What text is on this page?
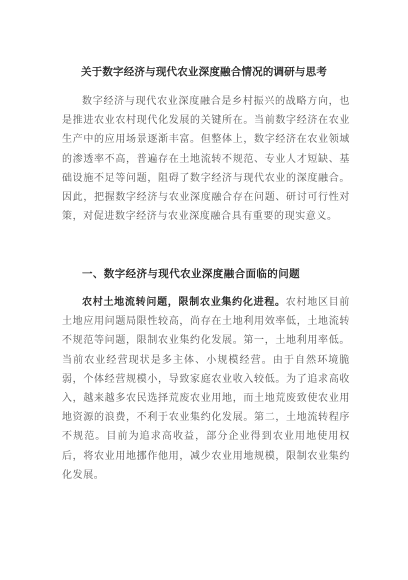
关于数字经济与现代农业深度融合情况的调研与思考

数字经济与现代农业深度融合是乡村振兴的战略方向，也是推进农业农村现代化发展的关键所在。当前数字经济在农业生产中的应用场景逐渐丰富。但整体上，数字经济在农业领域的渗透率不高，普遍存在土地流转不规范、专业人才短缺、基础设施不足等问题，阻碍了数字经济与现代农业的深度融合。因此，把握数字经济与农业深度融合存在问题、研讨可行性对策，对促进数字经济与农业深度融合具有重要的现实意义。

一、数字经济与现代农业深度融合面临的问题

农村土地流转问题，限制农业集约化进程。农村地区目前土地应用问题局限性较高，尚存在土地利用效率低，土地流转不规范等问题，限制农业集约化发展。第一，土地利用率低。当前农业经营现状是多主体、小规模经营。由于自然环境脆弱，个体经营规模小，导致家庭农业收入较低。为了追求高收入，越来越多农民选择荒废农业用地，而土地荒废致使农业用地资源的浪费，不利于农业集约化发展。第二，土地流转程序不规范。目前为追求高收益，部分企业得到农业用地使用权后，将农业用地挪作他用，减少农业用地规模，限制农业集约化发展。
